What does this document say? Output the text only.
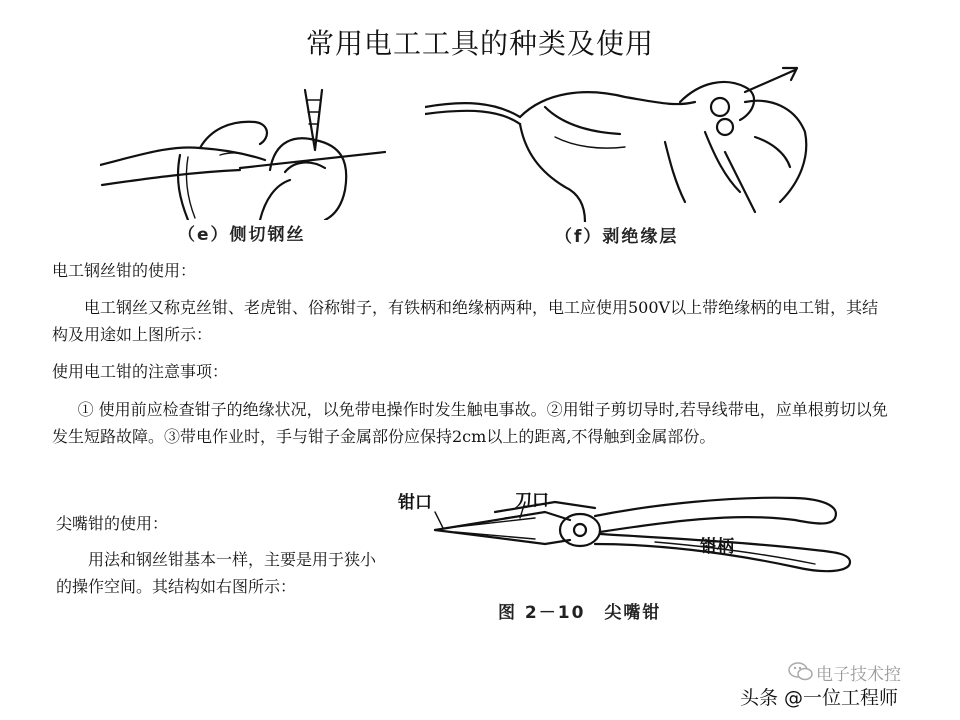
常用电工工具的种类及使用
（e）侧切钢丝	（f）剥绝缘层
电工钢丝钳的使用：
电工钢丝又称克丝钳、老虎钳、俗称钳子，有铁柄和绝缘柄两种，电工应使用500V以上带绝缘柄的电工钳，其结构及用途如上图所示：
使用电工钳的注意事项：
① 使用前应检查钳子的绝缘状况，以免带电操作时发生触电事故。②用钳子剪切导时,若导线带电，应单根剪切以免发生短路故障。③带电作业时，手与钳子金属部份应保持2cm以上的距离,不得触到金属部份。
尖嘴钳的使用：
用法和钢丝钳基本一样，主要是用于狭小的操作空间。其结构如右图所示：
钳口	刀口
钳柄
图 2－10　尖嘴钳
电子技术控
头条 @一位工程师
